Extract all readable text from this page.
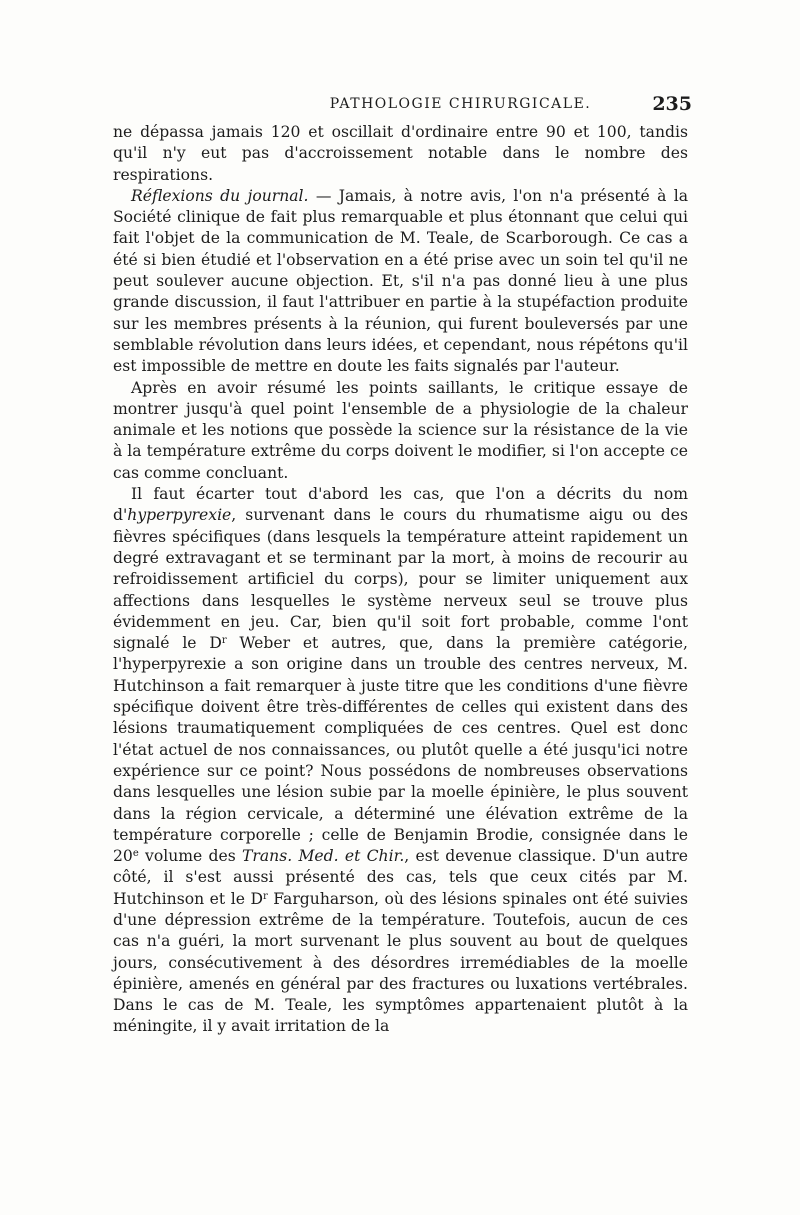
PATHOLOGIE CHIRURGICALE.	235

ne dépassa jamais 120 et oscillait d'ordinaire entre 90 et 100, tandis qu'il n'y eut pas d'accroissement notable dans le nombre des respirations.

Réflexions du journal. — Jamais, à notre avis, l'on n'a présenté à la Société clinique de fait plus remarquable et plus étonnant que celui qui fait l'objet de la communication de M. Teale, de Scarborough. Ce cas a été si bien étudié et l'observation en a été prise avec un soin tel qu'il ne peut soulever aucune objection. Et, s'il n'a pas donné lieu à une plus grande discussion, il faut l'attribuer en partie à la stupéfaction produite sur les membres présents à la réunion, qui furent bouleversés par une semblable révolution dans leurs idées, et cependant, nous répétons qu'il est impossible de mettre en doute les faits signalés par l'auteur.

Après en avoir résumé les points saillants, le critique essaye de montrer jusqu'à quel point l'ensemble de a physiologie de la chaleur animale et les notions que possède la science sur la résistance de la vie à la température extrême du corps doivent le modifier, si l'on accepte ce cas comme concluant.

Il faut écarter tout d'abord les cas, que l'on a décrits du nom d'hyperpyrexie, survenant dans le cours du rhumatisme aigu ou des fièvres spécifiques (dans lesquels la température atteint rapidement un degré extravagant et se terminant par la mort, à moins de recourir au refroidissement artificiel du corps), pour se limiter uniquement aux affections dans lesquelles le système nerveux seul se trouve plus évidemment en jeu. Car, bien qu'il soit fort probable, comme l'ont signalé le $D^r$ Weber et autres, que, dans la première catégorie, l'hyperpyrexie a son origine dans un trouble des centres nerveux, M. Hutchinson a fait remarquer à juste titre que les conditions d'une fièvre spécifique doivent être très-différentes de celles qui existent dans des lésions traumatiquement compliquées de ces centres. Quel est donc l'état actuel de nos connaissances, ou plutôt quelle a été jusqu'ici notre expérience sur ce point? Nous possédons de nombreuses observations dans lesquelles une lésion subie par la moelle épinière, le plus souvent dans la région cervicale, a déterminé une élévation extrême de la température corporelle ; celle de Benjamin Brodie, consignée dans le 20e volume des Trans. Med. et Chir., est devenue classique. D'un autre côté, il s'est aussi présenté des cas, tels que ceux cités par M. Hutchinson et le $D^r$ Farguharson, où des lésions spinales ont été suivies d'une dépression extrême de la température. Toutefois, aucun de ces cas n'a guéri, la mort survenant le plus souvent au bout de quelques jours, consécutivement à des désordres irremédiables de la moelle épinière, amenés en général par des fractures ou luxations vertébrales. Dans le cas de M. Teale, les symptômes appartenaient plutôt à la méningite, il y avait irritation de la
